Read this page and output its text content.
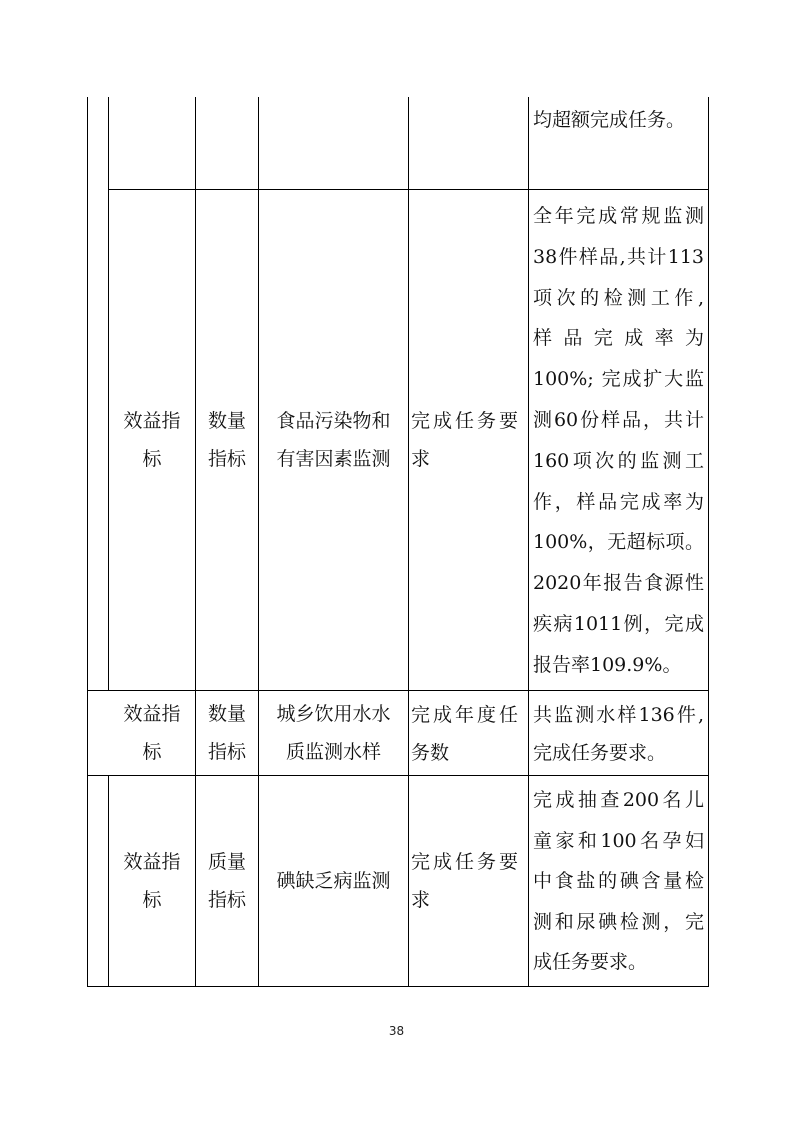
均超额完成任务。
效益指
标
数量
指标
食品污染物和
有害因素监测
完成任务要
求
全年完成常规监测
38件样品,共计113
项次的检测工作,
样 品 完 成 率 为
100%; 完成扩大监
测60份样品，共计
160项次的监测工
作，样品完成率为
100%，无超标项。
2020年报告食源性
疾病1011例，完成
报告率109.9%。
效益指
标
数量
指标
城乡饮用水水
质监测水样
完成年度任
务数
共监测水样136件,
完成任务要求。
效益指
标
质量
指标
碘缺乏病监测
完成任务要
求
完成抽查200名儿
童家和100名孕妇
中食盐的碘含量检
测和尿碘检测，完
成任务要求。
38
